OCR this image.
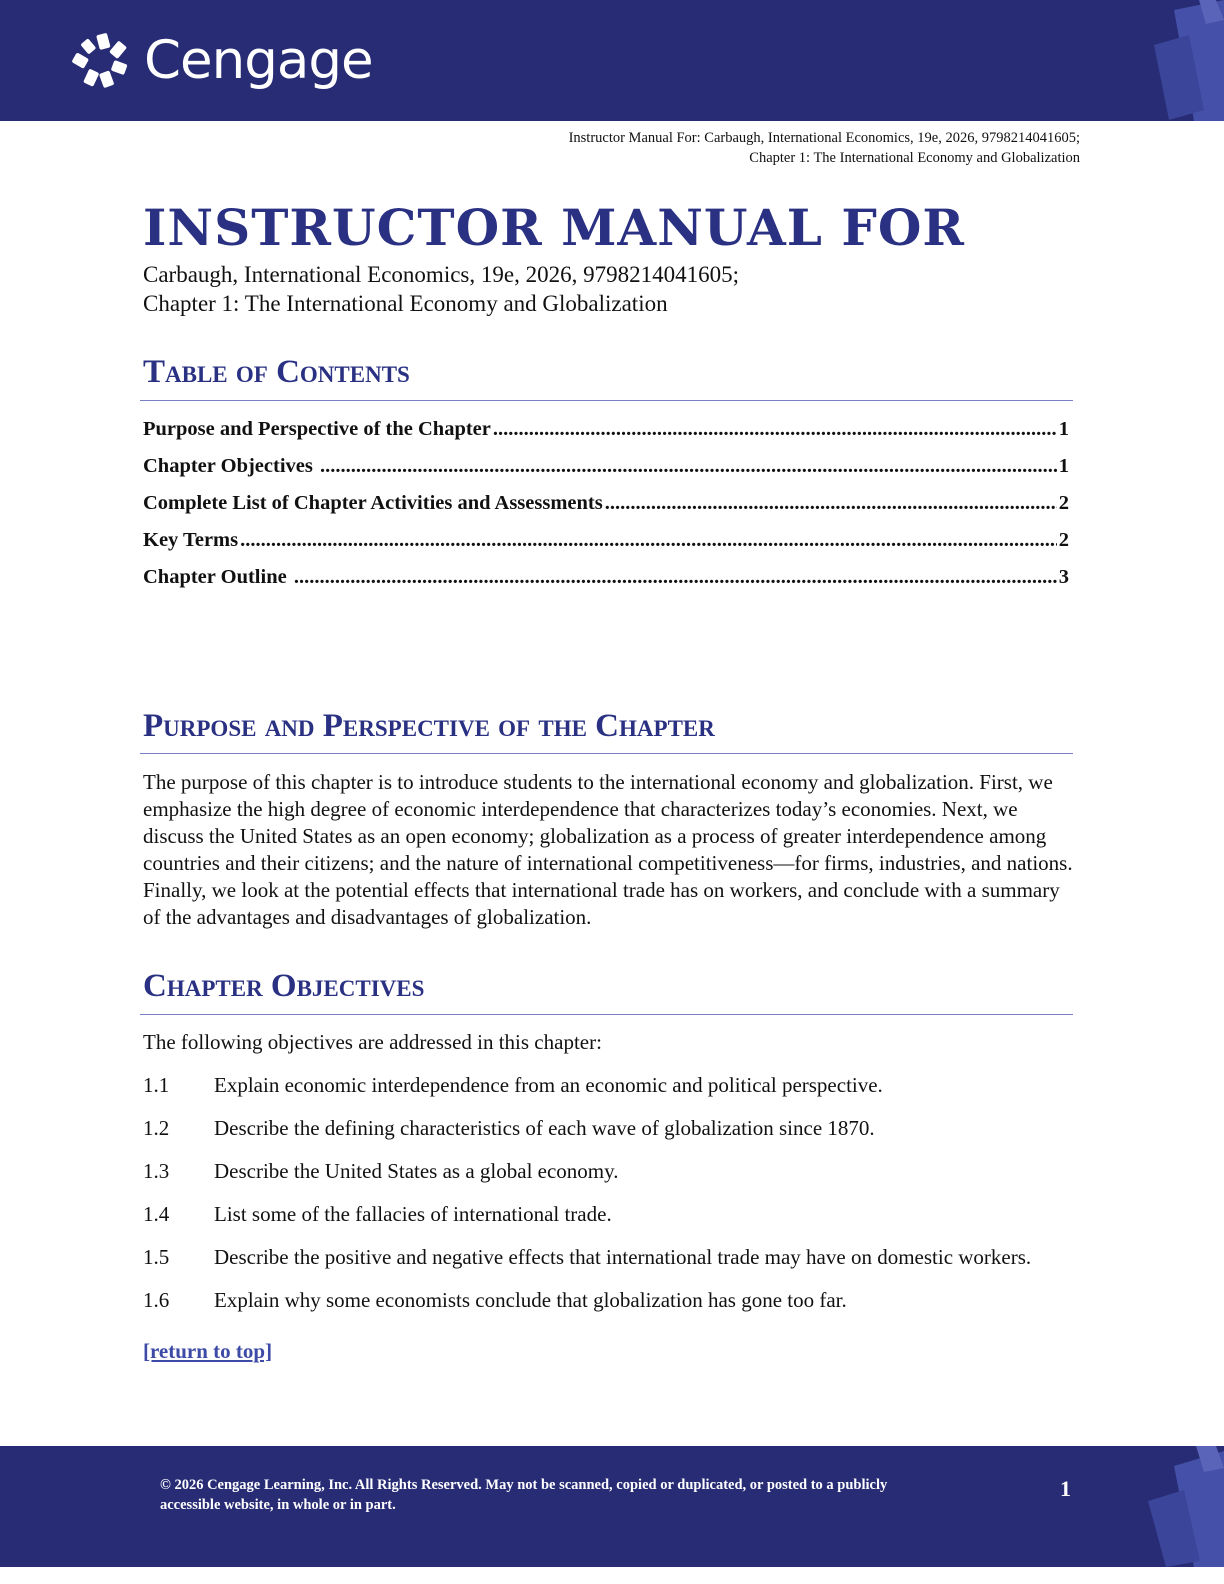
Cengage
Instructor Manual For: Carbaugh, International Economics, 19e, 2026, 9798214041605;
Chapter 1: The International Economy and Globalization
INSTRUCTOR MANUAL FOR
Carbaugh, International Economics, 19e, 2026, 9798214041605;
Chapter 1: The International Economy and Globalization
Table of Contents
Purpose and Perspective of the Chapter .....	1
Chapter Objectives .....	1
Complete List of Chapter Activities and Assessments .....	2
Key Terms .....	2
Chapter Outline .....	3
Purpose and Perspective of the Chapter

The purpose of this chapter is to introduce students to the international economy and globalization. First, we emphasize the high degree of economic interdependence that characterizes today’s economies. Next, we discuss the United States as an open economy; globalization as a process of greater interdependence among countries and their citizens; and the nature of international competitiveness—for firms, industries, and nations. Finally, we look at the potential effects that international trade has on workers, and conclude with a summary of the advantages and disadvantages of globalization.

Chapter Objectives
The following objectives are addressed in this chapter:
1.1	Explain economic interdependence from an economic and political perspective.
1.2	Describe the defining characteristics of each wave of globalization since 1870.
1.3	Describe the United States as a global economy.
1.4	List some of the fallacies of international trade.
1.5	Describe the positive and negative effects that international trade may have on domestic workers.
1.6	Explain why some economists conclude that globalization has gone too far.
[return to top]
© 2026 Cengage Learning, Inc. All Rights Reserved. May not be scanned, copied or duplicated, or posted to a publicly
accessible website, in whole or in part.
1
